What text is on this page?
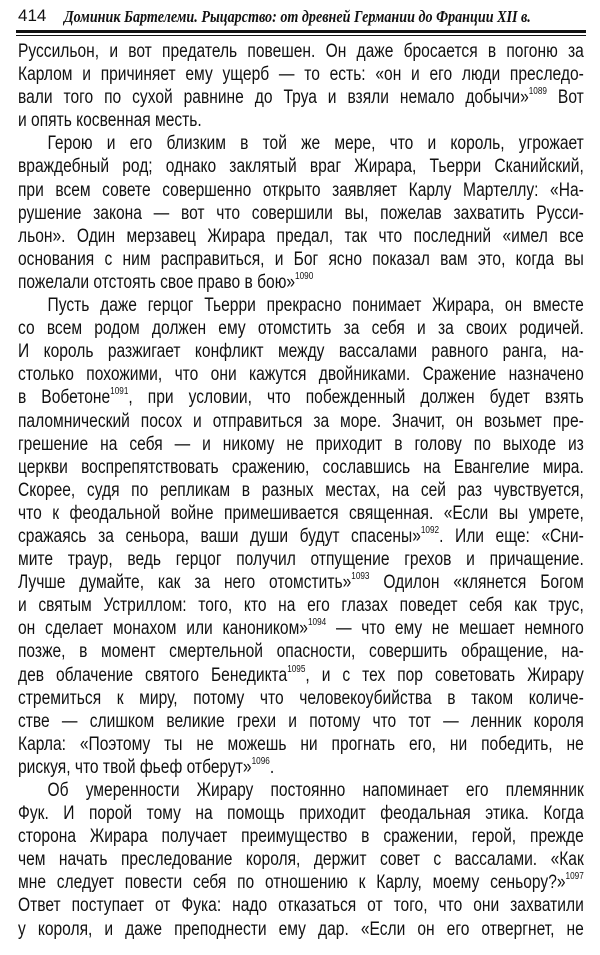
414 Доминик Бартелеми. Рыцарство: от древней Германии до Франции XII в.
Руссильон, и вот предатель повешен. Он даже бросается в погоню за
Карлом и причиняет ему ущерб — то есть: «он и его люди преследо-
вали того по сухой равнине до Труа и взяли немало добычи»$^{1089}$ Вот
и опять косвенная месть.
Герою и его близким в той же мере, что и король, угрожает
враждебный род; однако заклятый враг Жирара, Тьерри Сканийский,
при всем совете совершенно открыто заявляет Карлу Мартеллу: «На-
рушение закона — вот что совершили вы, пожелав захватить Русси-
льон». Один мерзавец Жирара предал, так что последний «имел все
основания с ним расправиться, и Бог ясно показал вам это, когда вы
пожелали отстоять свое право в бою»$^{1090}$
Пусть даже герцог Тьерри прекрасно понимает Жирара, он вместе
со всем родом должен ему отомстить за себя и за своих родичей.
И король разжигает конфликт между вассалами равного ранга, на-
столько похожими, что они кажутся двойниками. Сражение назначено
в Вобетоне$^{1091}$, при условии, что побежденный должен будет взять
паломнический посох и отправиться за море. Значит, он возьмет пре-
грешение на себя — и никому не приходит в голову по выходе из
церкви воспрепятствовать сражению, сославшись на Евангелие мира.
Скорее, судя по репликам в разных местах, на сей раз чувствуется,
что к феодальной войне примешивается священная. «Если вы умрете,
сражаясь за сеньора, ваши души будут спасены»$^{1092}$. Или еще: «Сни-
мите траур, ведь герцог получил отпущение грехов и причащение.
Лучше думайте, как за него отомстить»$^{1093}$ Одилон «клянется Богом
и святым Устриллом: того, кто на его глазах поведет себя как трус,
он сделает монахом или каноником»$^{1094}$ — что ему не мешает немного
позже, в момент смертельной опасности, совершить обращение, на-
дев облачение святого Бенедикта$^{1095}$, и с тех пор советовать Жирару
стремиться к миру, потому что человекоубийства в таком количе-
стве — слишком великие грехи и потому что тот — ленник короля
Карла: «Поэтому ты не можешь ни прогнать его, ни победить, не
рискуя, что твой фьеф отберут»$^{1096}$.
Об умеренности Жирару постоянно напоминает его племянник
Фук. И порой тому на помощь приходит феодальная этика. Когда
сторона Жирара получает преимущество в сражении, герой, прежде
чем начать преследование короля, держит совет с вассалами. «Как
мне следует повести себя по отношению к Карлу, моему сеньору?»$^{1097}$
Ответ поступает от Фука: надо отказаться от того, что они захватили
у короля, и даже преподнести ему дар. «Если он его отвергнет, не
